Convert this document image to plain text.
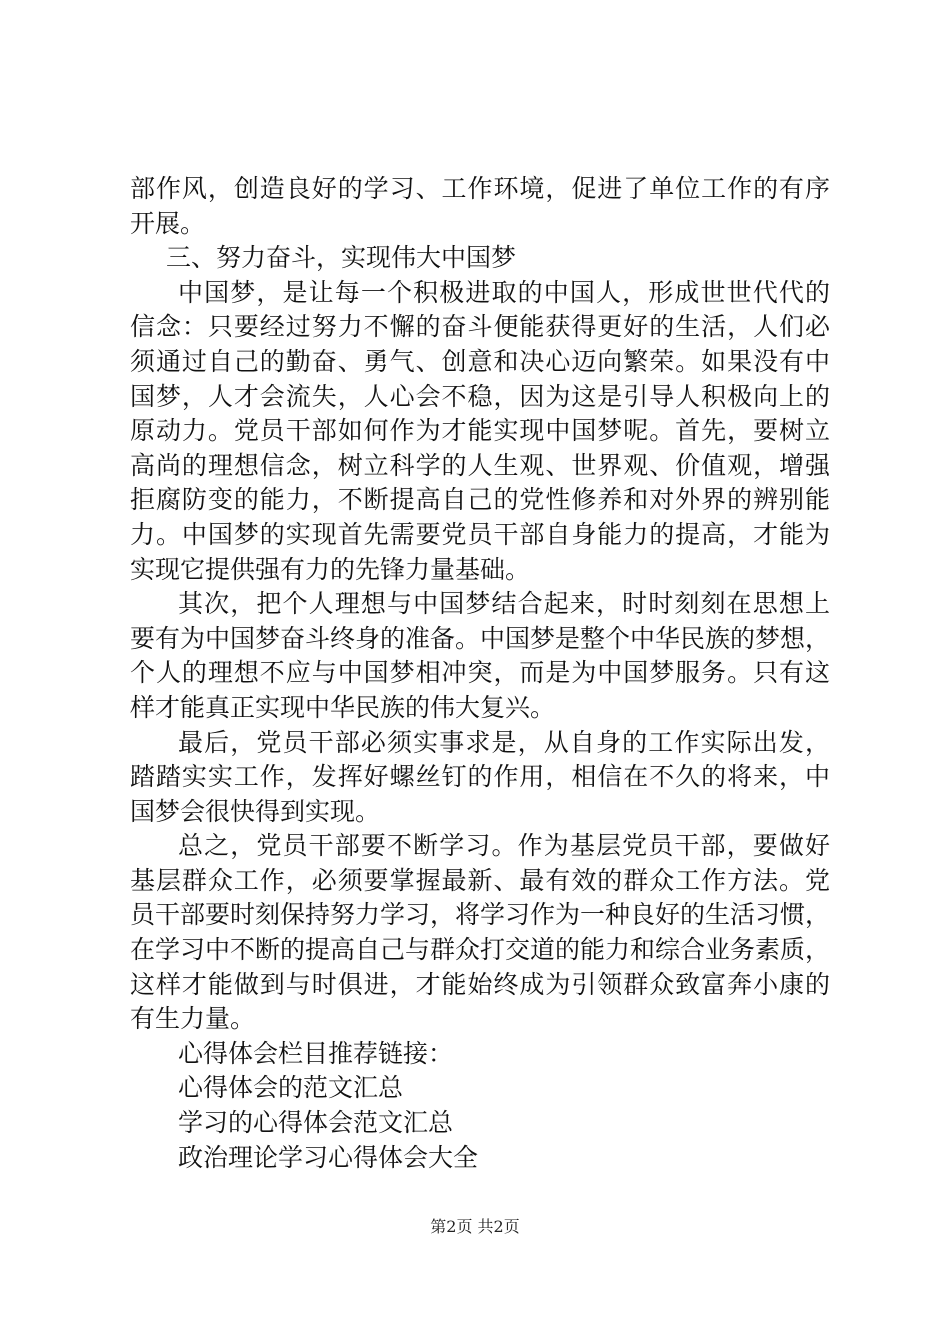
部作风，创造良好的学习、工作环境，促进了单位工作的有序
开展。
三、努力奋斗，实现伟大中国梦
中国梦，是让每一个积极进取的中国人，形成世世代代的
信念：只要经过努力不懈的奋斗便能获得更好的生活，人们必
须通过自己的勤奋、勇气、创意和决心迈向繁荣。如果没有中
国梦，人才会流失，人心会不稳，因为这是引导人积极向上的
原动力。党员干部如何作为才能实现中国梦呢。首先，要树立
高尚的理想信念，树立科学的人生观、世界观、价值观，增强
拒腐防变的能力，不断提高自己的党性修养和对外界的辨别能
力。中国梦的实现首先需要党员干部自身能力的提高，才能为
实现它提供强有力的先锋力量基础。
其次，把个人理想与中国梦结合起来，时时刻刻在思想上
要有为中国梦奋斗终身的准备。中国梦是整个中华民族的梦想，
个人的理想不应与中国梦相冲突，而是为中国梦服务。只有这
样才能真正实现中华民族的伟大复兴。
最后，党员干部必须实事求是，从自身的工作实际出发，
踏踏实实工作，发挥好螺丝钉的作用，相信在不久的将来，中
国梦会很快得到实现。
总之，党员干部要不断学习。作为基层党员干部，要做好
基层群众工作，必须要掌握最新、最有效的群众工作方法。党
员干部要时刻保持努力学习，将学习作为一种良好的生活习惯，
在学习中不断的提高自己与群众打交道的能力和综合业务素质，
这样才能做到与时俱进，才能始终成为引领群众致富奔小康的
有生力量。
心得体会栏目推荐链接：
心得体会的范文汇总
学习的心得体会范文汇总
政治理论学习心得体会大全
第2页 共2页
